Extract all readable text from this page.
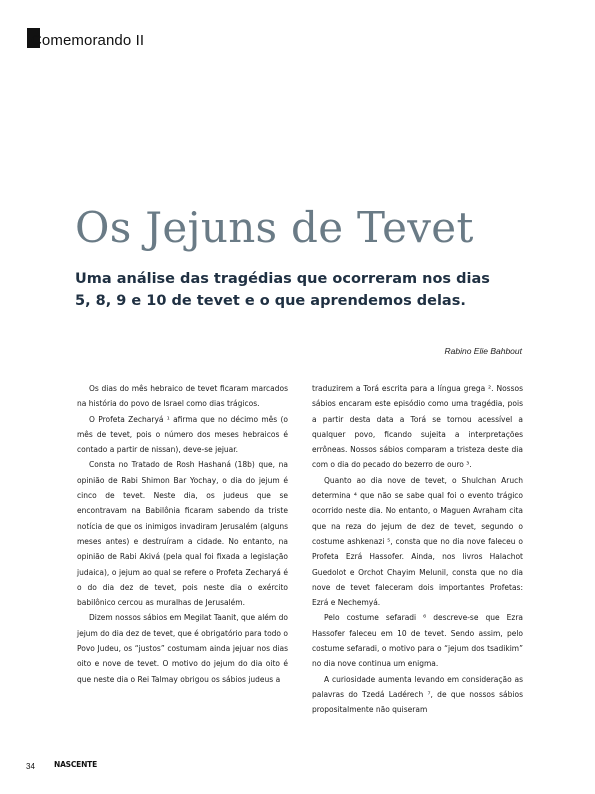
Comemorando II
Os Jejuns de Tevet
Uma análise das tragédias que ocorreram nos dias
5, 8, 9 e 10 de tevet e o que aprendemos delas.
Rabino Elie Bahbout

Os dias do mês hebraico de tevet ficaram marcados na história do povo de Israel como dias trágicos.

O Profeta Zecharyá ¹ afirma que no décimo mês (o mês de tevet, pois o número dos meses hebraicos é contado a partir de nissan), deve-se jejuar.

Consta no Tratado de Rosh Hashaná (18b) que, na opinião de Rabi Shimon Bar Yochay, o dia do jejum é cinco de tevet. Neste dia, os judeus que se encontravam na Babilônia ficaram sabendo da triste notícia de que os inimigos invadiram Jerusalém (alguns meses antes) e destruíram a cidade. No entanto, na opinião de Rabi Akivá (pela qual foi fixada a legislação judaica), o jejum ao qual se refere o Profeta Zecharyá é o do dia dez de tevet, pois neste dia o exército babilônico cercou as muralhas de Jerusalém.

Dizem nossos sábios em Megilat Taanit, que além do jejum do dia dez de tevet, que é obrigatório para todo o Povo Judeu, os “justos” costumam ainda jejuar nos dias oito e nove de tevet. O motivo do jejum do dia oito é que neste dia o Rei Talmay obrigou os sábios judeus a

traduzirem a Torá escrita para a língua grega ². Nossos sábios encaram este episódio como uma tragédia, pois a partir desta data a Torá se tornou acessível a qualquer povo, ficando sujeita a interpretações errôneas. Nossos sábios comparam a tristeza deste dia com o dia do pecado do bezerro de ouro ³.

Quanto ao dia nove de tevet, o Shulchan Aruch determina ⁴ que não se sabe qual foi o evento trágico ocorrido neste dia. No entanto, o Maguen Avraham cita que na reza do jejum de dez de tevet, segundo o costume ashkenazi ⁵, consta que no dia nove faleceu o Profeta Ezrá Hassofer. Ainda, nos livros Halachot Guedolot e Orchot Chayim Melunil, consta que no dia nove de tevet faleceram dois importantes Profetas: Ezrá e Nechemyá.

Pelo costume sefaradi ⁶ descreve-se que Ezra Hassofer faleceu em 10 de tevet. Sendo assim, pelo costume sefaradi, o motivo para o “jejum dos tsadikim” no dia nove continua um enigma.

A curiosidade aumenta levando em consideração as palavras do Tzedá Ladérech ⁷, de que nossos sábios propositalmente não quiseram

34	NASCENTE
